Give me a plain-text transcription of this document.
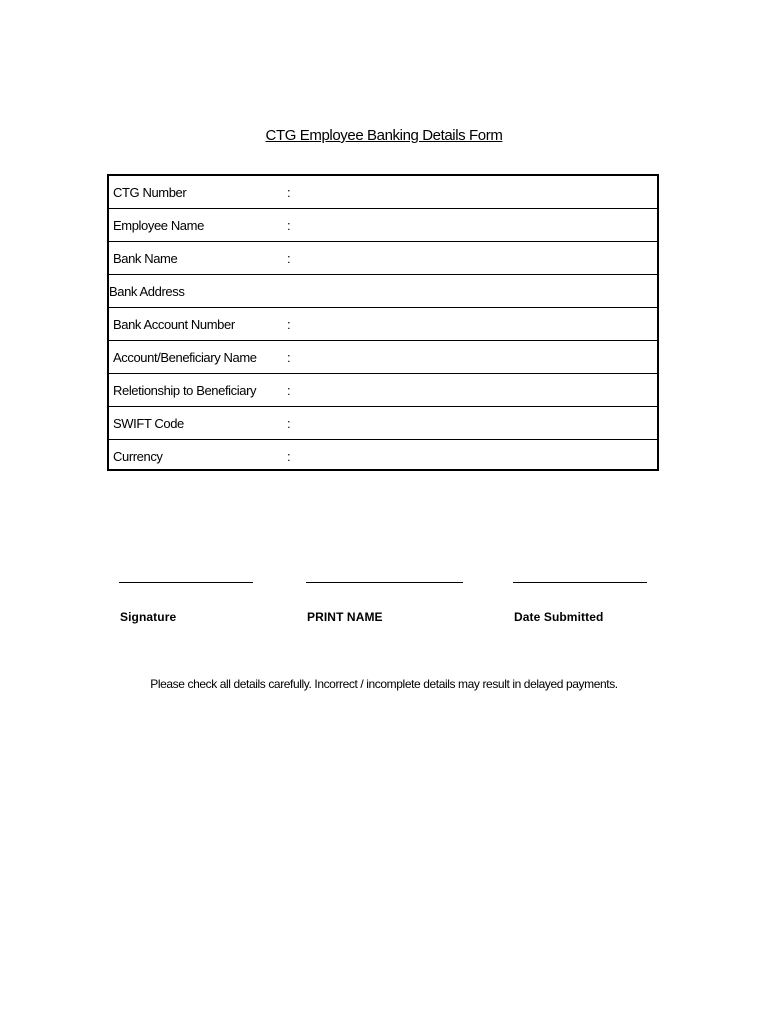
CTG Employee Banking Details Form
CTG Number	:
Employee Name	:
Bank Name	:
Bank Address
Bank Account Number	:
Account/Beneficiary Name :
Reletionship to Beneficiary :
SWIFT Code	:
Currency	:
Signature	PRINT NAME	Date Submitted
Please check all details carefully. Incorrect / incomplete details may result in delayed payments.
